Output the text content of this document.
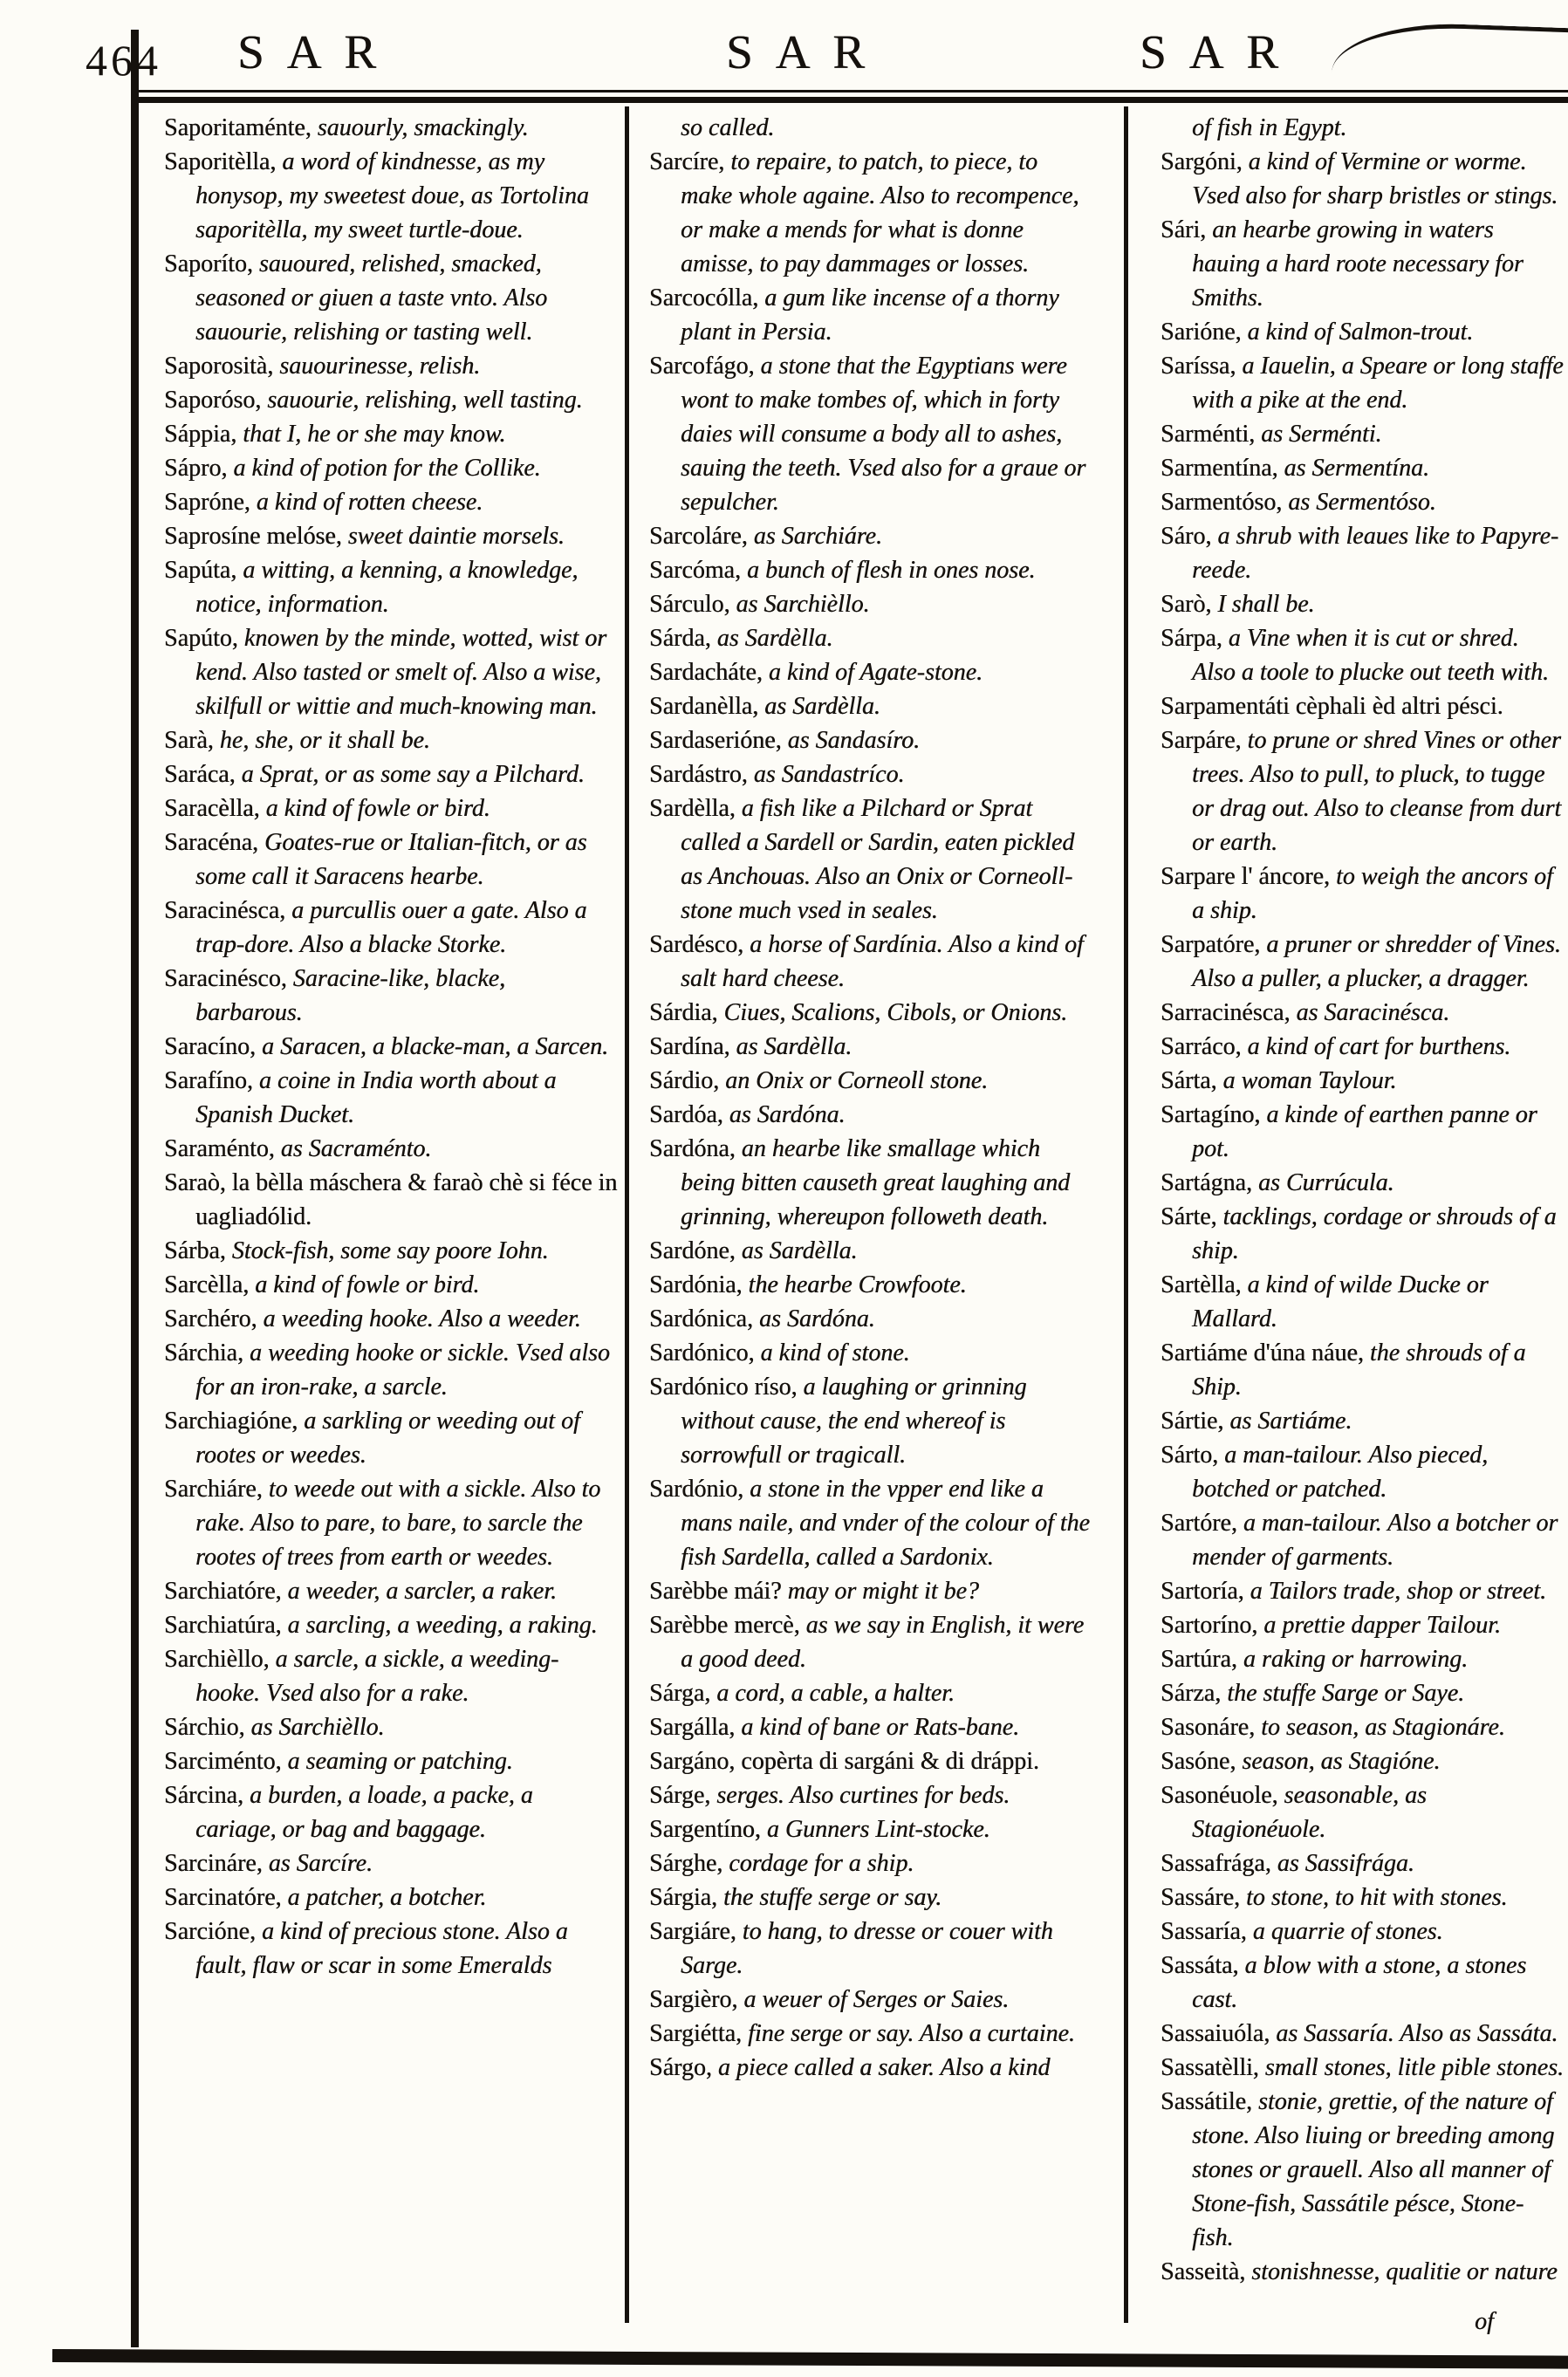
464 SAR	SAR	SAR

Saporitaménte, sauourly, smackingly.

Saporitèlla, a word of kindnesse, as my honysop, my sweetest doue, as Tortolina saporitèlla, my sweet turtle-doue.

Saporíto, sauoured, relished, smacked, seasoned or giuen a taste vnto. Also sauourie, relishing or tasting well.

Saporosità, sauourinesse, relish.

Saporóso, sauourie, relishing, well tasting.

Sáppia, that I, he or she may know.

Sápro, a kind of potion for the Collike.

Sapróne, a kind of rotten cheese.

Saprosíne melóse, sweet daintie morsels.

Sapúta, a witting, a kenning, a knowledge, notice, information.

Sapúto, knowen by the minde, wotted, wist or kend. Also tasted or smelt of. Also a wise, skilfull or wittie and much-knowing man.

Sarà, he, she, or it shall be.

Saráca, a Sprat, or as some say a Pilchard.

Saracèlla, a kind of fowle or bird.

Saracéna, Goates-rue or Italian-fitch, or as some call it Saracens hearbe.

Saracinésca, a purcullis ouer a gate. Also a trap-dore. Also a blacke Storke.

Saracinésco, Saracine-like, blacke, barbarous.

Saracíno, a Saracen, a blacke-man, a Sarcen.

Sarafíno, a coine in India worth about a Spanish Ducket.

Saraménto, as Sacraménto.

Saraò, la bèlla máschera & faraò chè si féce in uagliadólid.

Sárba, Stock-fish, some say poore Iohn.

Sarcèlla, a kind of fowle or bird.

Sarchéro, a weeding hooke. Also a weeder.

Sárchia, a weeding hooke or sickle. Vsed also for an iron-rake, a sarcle.

Sarchiagióne, a sarkling or weeding out of rootes or weedes.

Sarchiáre, to weede out with a sickle. Also to rake. Also to pare, to bare, to sarcle the rootes of trees from earth or weedes.

Sarchiatóre, a weeder, a sarcler, a raker.

Sarchiatúra, a sarcling, a weeding, a raking.

Sarchièllo, a sarcle, a sickle, a weeding-hooke. Vsed also for a rake.

Sárchio, as Sarchièllo.

Sarciménto, a seaming or patching.

Sárcina, a burden, a loade, a packe, a cariage, or bag and baggage.

Sarcináre, as Sarcíre.

Sarcinatóre, a patcher, a botcher.

Sarcióne, a kind of precious stone. Also a fault, flaw or scar in some Emeralds

so called.

Sarcíre, to repaire, to patch, to piece, to make whole againe. Also to recompence, or make a mends for what is donne amisse, to pay dammages or losses.

Sarcocólla, a gum like incense of a thorny plant in Persia.

Sarcofágo, a stone that the Egyptians were wont to make tombes of, which in forty daies will consume a body all to ashes, sauing the teeth. Vsed also for a graue or sepulcher.

Sarcoláre, as Sarchiáre.

Sarcóma, a bunch of flesh in ones nose.

Sárculo, as Sarchièllo.

Sárda, as Sardèlla.

Sardacháte, a kind of Agate-stone.

Sardanèlla, as Sardèlla.

Sardaserióne, as Sandasíro.

Sardástro, as Sandastríco.

Sardèlla, a fish like a Pilchard or Sprat called a Sardell or Sardin, eaten pickled as Anchouas. Also an Onix or Corneoll-stone much vsed in seales.

Sardésco, a horse of Sardínia. Also a kind of salt hard cheese.

Sárdia, Ciues, Scalions, Cibols, or Onions.

Sardína, as Sardèlla.

Sárdio, an Onix or Corneoll stone.

Sardóa, as Sardóna.

Sardóna, an hearbe like smallage which being bitten causeth great laughing and grinning, whereupon followeth death.

Sardóne, as Sardèlla.

Sardónia, the hearbe Crowfoote.

Sardónica, as Sardóna.

Sardónico, a kind of stone.

Sardónico ríso, a laughing or grinning without cause, the end whereof is sorrowfull or tragicall.

Sardónio, a stone in the vpper end like a mans naile, and vnder of the colour of the fish Sardella, called a Sardonix.

Sarèbbe mái? may or might it be?

Sarèbbe mercè, as we say in English, it were a good deed.

Sárga, a cord, a cable, a halter.

Sargálla, a kind of bane or Rats-bane.

Sargáno, copèrta di sargáni & di dráppi.

Sárge, serges. Also curtines for beds.

Sargentíno, a Gunners Lint-stocke.

Sárghe, cordage for a ship.

Sárgia, the stuffe serge or say.

Sargiáre, to hang, to dresse or couer with Sarge.

Sargièro, a weuer of Serges or Saies.

Sargiétta, fine serge or say. Also a curtaine.

Sárgo, a piece called a saker. Also a kind

of fish in Egypt.

Sargóni, a kind of Vermine or worme. Vsed also for sharp bristles or stings.

Sári, an hearbe growing in waters hauing a hard roote necessary for Smiths.

Sarióne, a kind of Salmon-trout.

Saríssa, a Iauelin, a Speare or long staffe with a pike at the end.

Sarménti, as Serménti.

Sarmentína, as Sermentína.

Sarmentóso, as Sermentóso.

Sáro, a shrub with leaues like to Papyre-reede.

Sarò, I shall be.

Sárpa, a Vine when it is cut or shred. Also a toole to plucke out teeth with.

Sarpamentáti cèphali èd altri pésci.

Sarpáre, to prune or shred Vines or other trees. Also to pull, to pluck, to tugge or drag out. Also to cleanse from durt or earth.

Sarpare l' áncore, to weigh the ancors of a ship.

Sarpatóre, a pruner or shredder of Vines. Also a puller, a plucker, a dragger.

Sarracinésca, as Saracinésca.

Sarráco, a kind of cart for burthens.

Sárta, a woman Taylour.

Sartagíno, a kinde of earthen panne or pot.

Sartágna, as Currúcula.

Sárte, tacklings, cordage or shrouds of a ship.

Sartèlla, a kind of wilde Ducke or Mallard.

Sartiáme d'úna náue, the shrouds of a Ship.

Sártie, as Sartiáme.

Sárto, a man-tailour. Also pieced, botched or patched.

Sartóre, a man-tailour. Also a botcher or mender of garments.

Sartoría, a Tailors trade, shop or street.

Sartoríno, a prettie dapper Tailour.

Sartúra, a raking or harrowing.

Sárza, the stuffe Sarge or Saye.

Sasonáre, to season, as Stagionáre.

Sasóne, season, as Stagióne.

Sasonéuole, seasonable, as Stagionéuole.

Sassafrága, as Sassifrága.

Sassáre, to stone, to hit with stones.

Sassaría, a quarrie of stones.

Sassáta, a blow with a stone, a stones cast.

Sassaiuóla, as Sassaría. Also as Sassáta.

Sassatèlli, small stones, litle pible stones.

Sassátile, stonie, grettie, of the nature of stone. Also liuing or breeding among stones or grauell. Also all manner of Stone-fish, Sassátile pésce, Stone-fish.

Sasseità, stonishnesse, qualitie or nature

of
